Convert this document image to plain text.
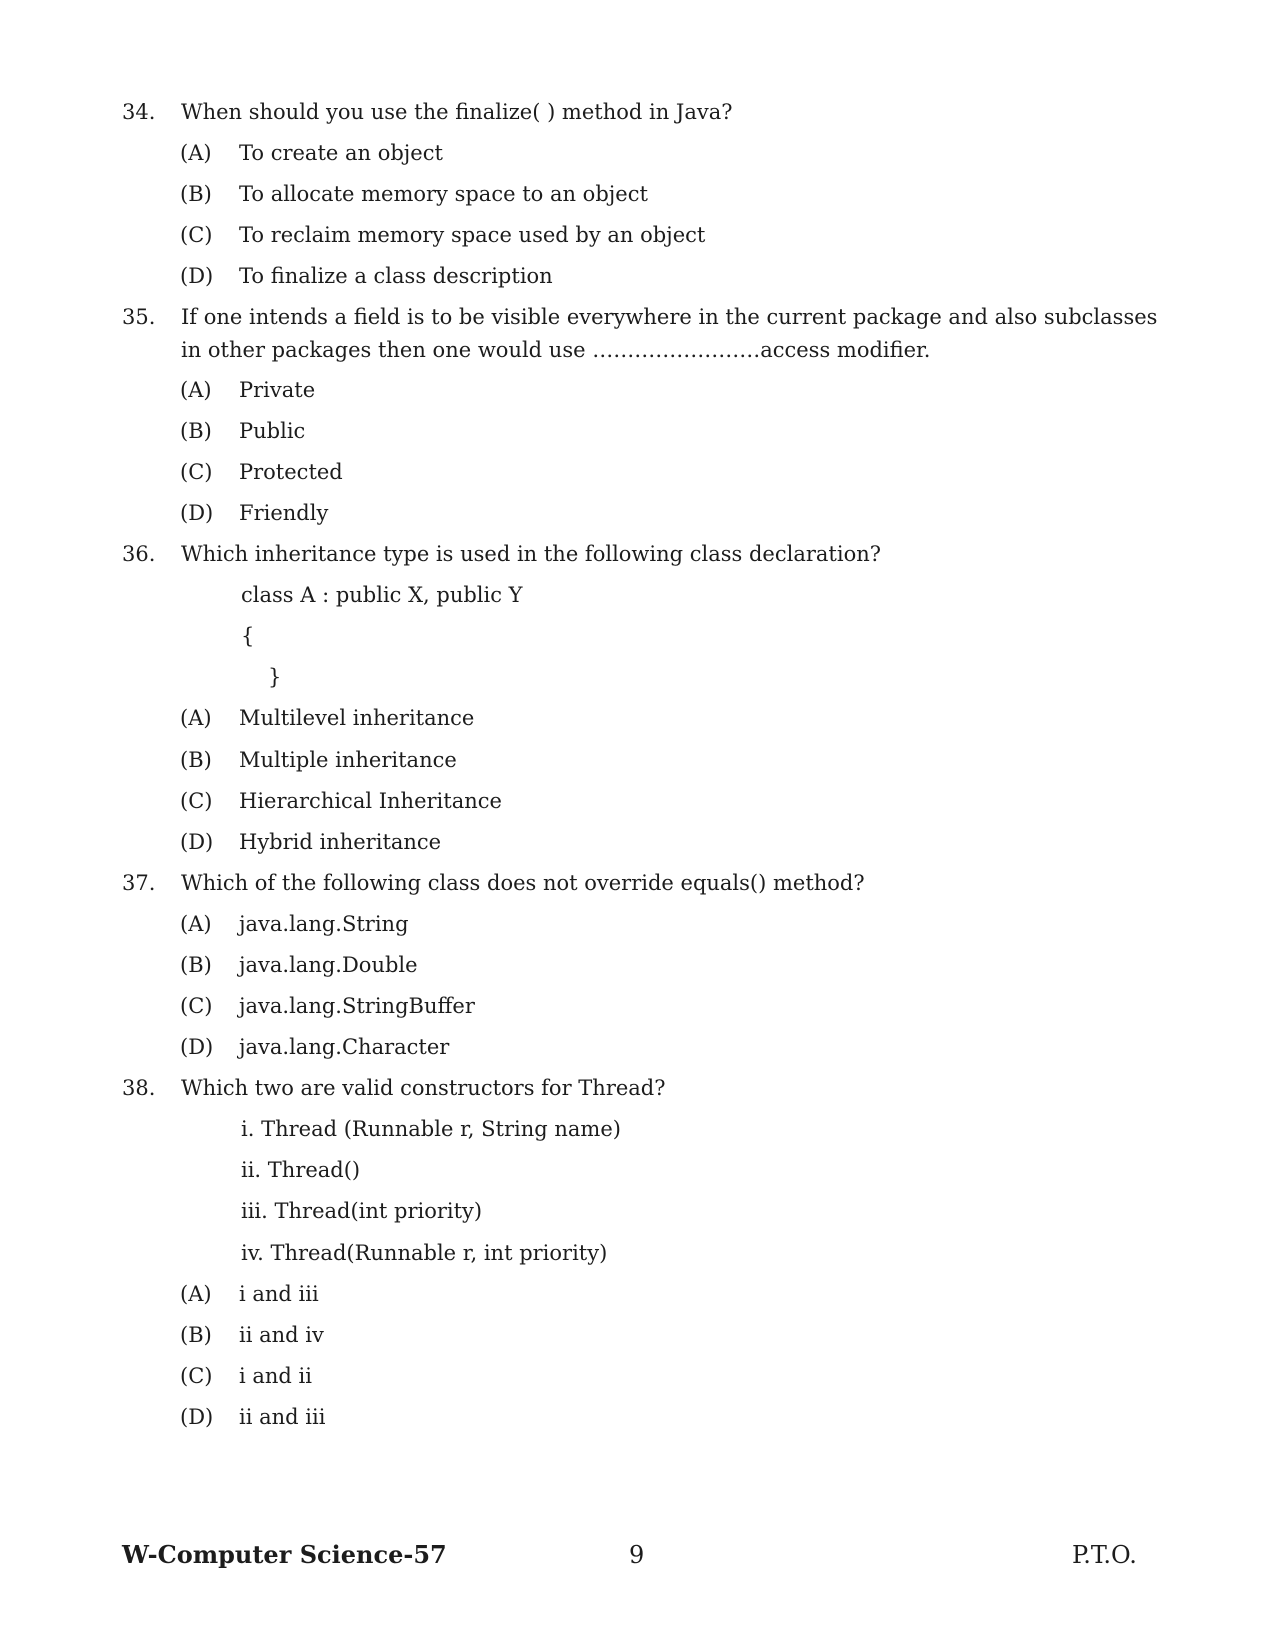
34. When should you use the finalize( ) method in Java?
(A) To create an object
(B) To allocate memory space to an object
(C) To reclaim memory space used by an object
(D) To finalize a class description
35. If one intends a field is to be visible everywhere in the current package and also subclasses
in other packages then one would use ……………………access modifier.
(A) Private
(B) Public
(C) Protected
(D) Friendly
36. Which inheritance type is used in the following class declaration?
class A : public X, public Y
{
}
(A) Multilevel inheritance
(B) Multiple inheritance
(C) Hierarchical Inheritance
(D) Hybrid inheritance
37. Which of the following class does not override equals() method?
(A) java.lang.String
(B) java.lang.Double
(C) java.lang.StringBuffer
(D) java.lang.Character
38. Which two are valid constructors for Thread?
i. Thread (Runnable r, String name)
ii. Thread()
iii. Thread(int priority)
iv. Thread(Runnable r, int priority)
(A) i and iii
(B) ii and iv
(C) i and ii
(D) ii and iii
W-Computer Science-57	9	P.T.O.
